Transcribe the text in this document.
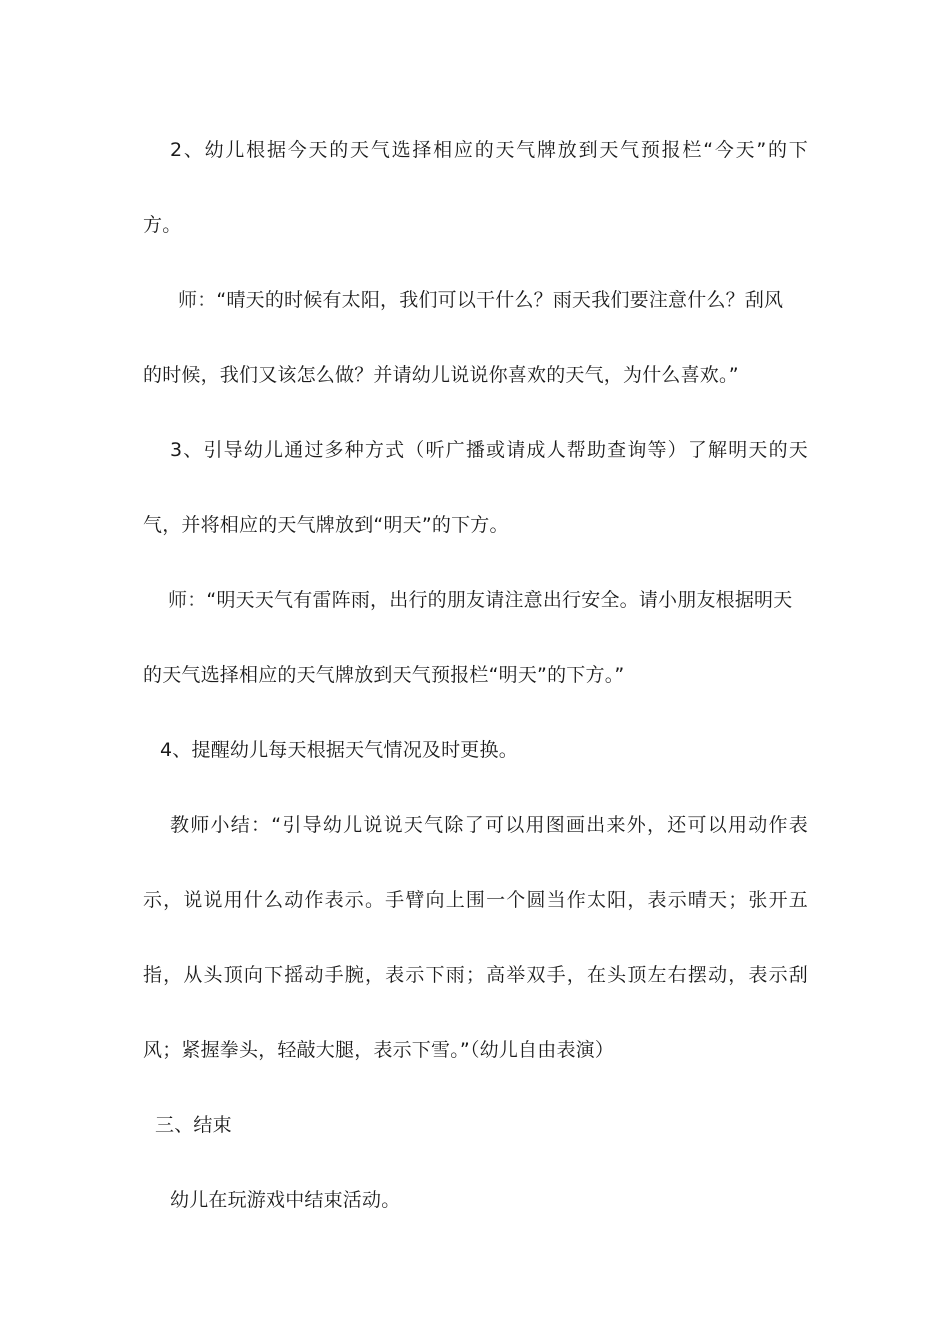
2、幼儿根据今天的天气选择相应的天气牌放到天气预报栏“今天”的下
方。
师：“晴天的时候有太阳，我们可以干什么？雨天我们要注意什么？刮风
的时候，我们又该怎么做？并请幼儿说说你喜欢的天气，为什么喜欢。”
3、引导幼儿通过多种方式（听广播或请成人帮助查询等）了解明天的天
气，并将相应的天气牌放到“明天”的下方。
师：“明天天气有雷阵雨，出行的朋友请注意出行安全。请小朋友根据明天
的天气选择相应的天气牌放到天气预报栏“明天”的下方。”
4、提醒幼儿每天根据天气情况及时更换。
教师小结：“引导幼儿说说天气除了可以用图画出来外，还可以用动作表
示，说说用什么动作表示。手臂向上围一个圆当作太阳，表示晴天；张开五
指，从头顶向下摇动手腕，表示下雨；高举双手，在头顶左右摆动，表示刮
风；紧握拳头，轻敲大腿，表示下雪。”（幼儿自由表演）
三、结束
幼儿在玩游戏中结束活动。
